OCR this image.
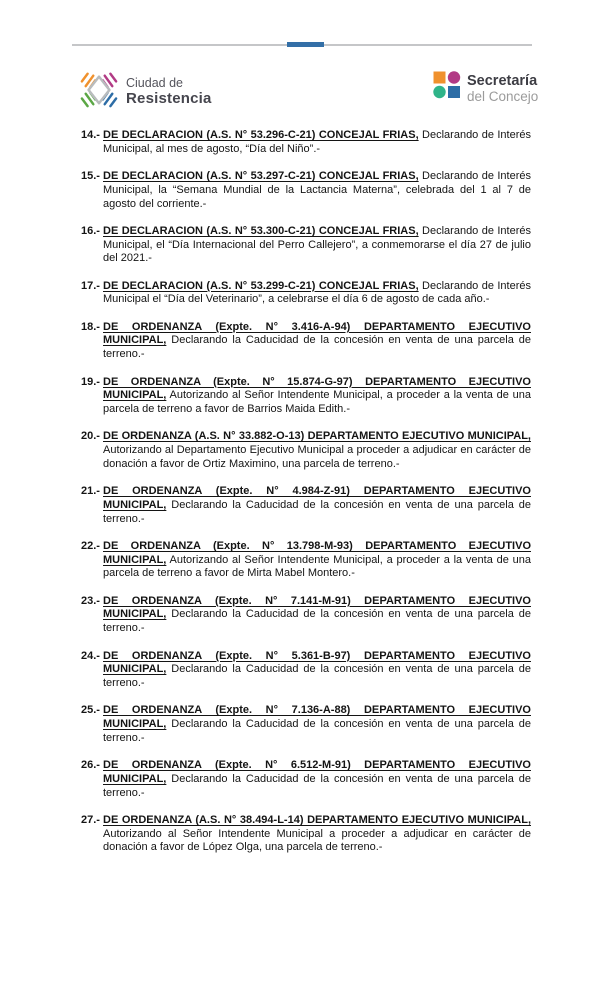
Ciudad de
Resistencia
Secretaría
del Concejo
14.- DE DECLARACION (A.S. N° 53.296-C-21) CONCEJAL FRIAS, Declarando de Interés Municipal, al mes de agosto, “Día del Niño”.-
15.- DE DECLARACION (A.S. N° 53.297-C-21) CONCEJAL FRIAS, Declarando de Interés Municipal, la “Semana Mundial de la Lactancia Materna”, celebrada del 1 al 7 de agosto del corriente.-
16.- DE DECLARACION (A.S. N° 53.300-C-21) CONCEJAL FRIAS, Declarando de Interés Municipal, el “Día Internacional del Perro Callejero”, a conmemorarse el día 27 de julio del 2021.-
17.- DE DECLARACION (A.S. N° 53.299-C-21) CONCEJAL FRIAS, Declarando de Interés Municipal el “Día del Veterinario”, a celebrarse el día 6 de agosto de cada año.-
18.- DE ORDENANZA (Expte. N° 3.416-A-94) DEPARTAMENTO EJECUTIVO MUNICIPAL, Declarando la Caducidad de la concesión en venta de una parcela de terreno.-
19.- DE ORDENANZA (Expte. N° 15.874-G-97) DEPARTAMENTO EJECUTIVO MUNICIPAL, Autorizando al Señor Intendente Municipal, a proceder a la venta de una parcela de terreno a favor de Barrios Maida Edith.-
20.- DE ORDENANZA (A.S. N° 33.882-O-13) DEPARTAMENTO EJECUTIVO MUNICIPAL, Autorizando al Departamento Ejecutivo Municipal a proceder a adjudicar en carácter de donación a favor de Ortiz Maximino, una parcela de terreno.-
21.- DE ORDENANZA (Expte. N° 4.984-Z-91) DEPARTAMENTO EJECUTIVO MUNICIPAL, Declarando la Caducidad de la concesión en venta de una parcela de terreno.-
22.- DE ORDENANZA (Expte. N° 13.798-M-93) DEPARTAMENTO EJECUTIVO MUNICIPAL, Autorizando al Señor Intendente Municipal, a proceder a la venta de una parcela de terreno a favor de Mirta Mabel Montero.-
23.- DE ORDENANZA (Expte. N° 7.141-M-91) DEPARTAMENTO EJECUTIVO MUNICIPAL, Declarando la Caducidad de la concesión en venta de una parcela de terreno.-
24.- DE ORDENANZA (Expte. N° 5.361-B-97) DEPARTAMENTO EJECUTIVO MUNICIPAL, Declarando la Caducidad de la concesión en venta de una parcela de terreno.-
25.- DE ORDENANZA (Expte. N° 7.136-A-88) DEPARTAMENTO EJECUTIVO MUNICIPAL, Declarando la Caducidad de la concesión en venta de una parcela de terreno.-
26.- DE ORDENANZA (Expte. N° 6.512-M-91) DEPARTAMENTO EJECUTIVO MUNICIPAL, Declarando la Caducidad de la concesión en venta de una parcela de terreno.-
27.- DE ORDENANZA (A.S. N° 38.494-L-14) DEPARTAMENTO EJECUTIVO MUNICIPAL, Autorizando al Señor Intendente Municipal a proceder a adjudicar en carácter de donación a favor de López Olga, una parcela de terreno.-
